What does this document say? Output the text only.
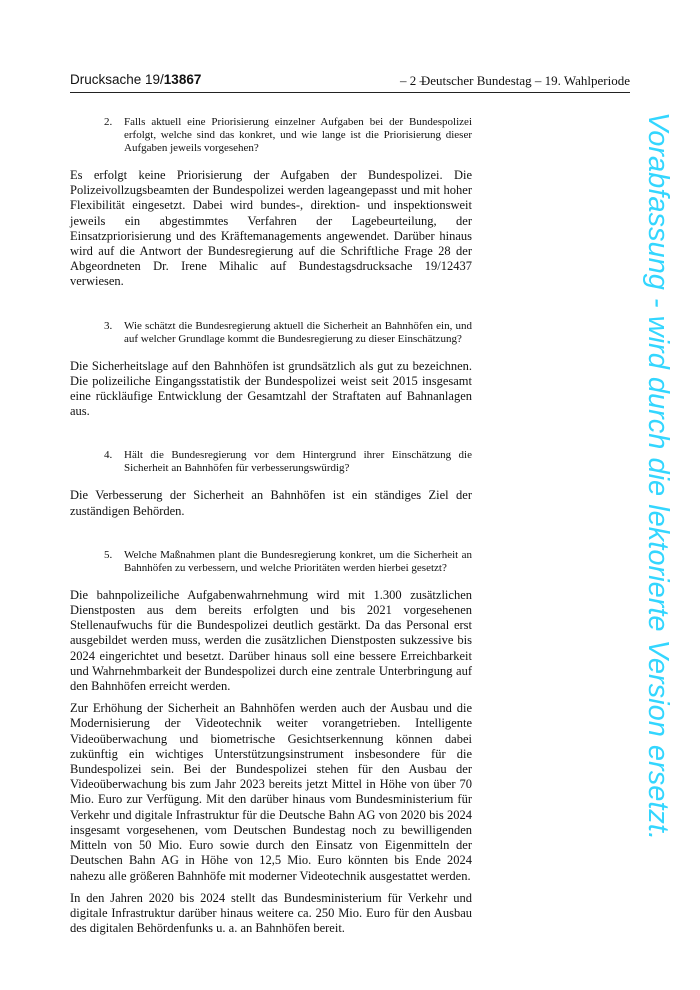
Drucksache 19/13867	– 2 –
Deutscher Bundestag – 19. Wahlperiode
2. Falls aktuell eine Priorisierung einzelner Aufgaben bei der Bundespolizei erfolgt, welche sind das konkret, und wie lange ist die Priorisierung dieser Aufgaben jeweils vorgesehen?

Es erfolgt keine Priorisierung der Aufgaben der Bundespolizei. Die Polizeivollzugsbeamten der Bundespolizei werden lageangepasst und mit hoher Flexibilität eingesetzt. Dabei wird bundes-, direktion- und inspektionsweit jeweils ein abgestimmtes Verfahren der Lagebeurteilung, der Einsatzpriorisierung und des Kräftemanagements angewendet. Darüber hinaus wird auf die Antwort der Bundesregierung auf die Schriftliche Frage 28 der Abgeordneten Dr. Irene Mihalic auf Bundestagsdrucksache 19/12437 verwiesen.

3. Wie schätzt die Bundesregierung aktuell die Sicherheit an Bahnhöfen ein, und auf welcher Grundlage kommt die Bundesregierung zu dieser Einschätzung?

Die Sicherheitslage auf den Bahnhöfen ist grundsätzlich als gut zu bezeichnen. Die polizeiliche Eingangsstatistik der Bundespolizei weist seit 2015 insgesamt eine rückläufige Entwicklung der Gesamtzahl der Straftaten auf Bahnanlagen aus.

4. Hält die Bundesregierung vor dem Hintergrund ihrer Einschätzung die Sicherheit an Bahnhöfen für verbesserungswürdig?

Die Verbesserung der Sicherheit an Bahnhöfen ist ein ständiges Ziel der zuständigen Behörden.

5. Welche Maßnahmen plant die Bundesregierung konkret, um die Sicherheit an Bahnhöfen zu verbessern, und welche Prioritäten werden hierbei gesetzt?

Die bahnpolizeiliche Aufgabenwahrnehmung wird mit 1.300 zusätzlichen Dienstposten aus dem bereits erfolgten und bis 2021 vorgesehenen Stellenaufwuchs für die Bundespolizei deutlich gestärkt. Da das Personal erst ausgebildet werden muss, werden die zusätzlichen Dienstposten sukzessive bis 2024 eingerichtet und besetzt. Darüber hinaus soll eine bessere Erreichbarkeit und Wahrnehmbarkeit der Bundespolizei durch eine zentrale Unterbringung auf den Bahnhöfen erreicht werden.

Zur Erhöhung der Sicherheit an Bahnhöfen werden auch der Ausbau und die Modernisierung der Videotechnik weiter vorangetrieben. Intelligente Videoüberwachung und biometrische Gesichtserkennung können dabei zukünftig ein wichtiges Unterstützungsinstrument insbesondere für die Bundespolizei sein. Bei der Bundespolizei stehen für den Ausbau der Videoüberwachung bis zum Jahr 2023 bereits jetzt Mittel in Höhe von über 70 Mio. Euro zur Verfügung. Mit den darüber hinaus vom Bundesministerium für Verkehr und digitale Infrastruktur für die Deutsche Bahn AG von 2020 bis 2024 insgesamt vorgesehenen, vom Deutschen Bundestag noch zu bewilligenden Mitteln von 50 Mio. Euro sowie durch den Einsatz von Eigenmitteln der Deutschen Bahn AG in Höhe von 12,5 Mio. Euro könnten bis Ende 2024 nahezu alle größeren Bahnhöfe mit moderner Videotechnik ausgestattet werden.

In den Jahren 2020 bis 2024 stellt das Bundesministerium für Verkehr und digitale Infrastruktur darüber hinaus weitere ca. 250 Mio. Euro für den Ausbau des digitalen Behördenfunks u. a. an Bahnhöfen bereit.

Vorabfassung - wird durch die lektorierte Version ersetzt.
